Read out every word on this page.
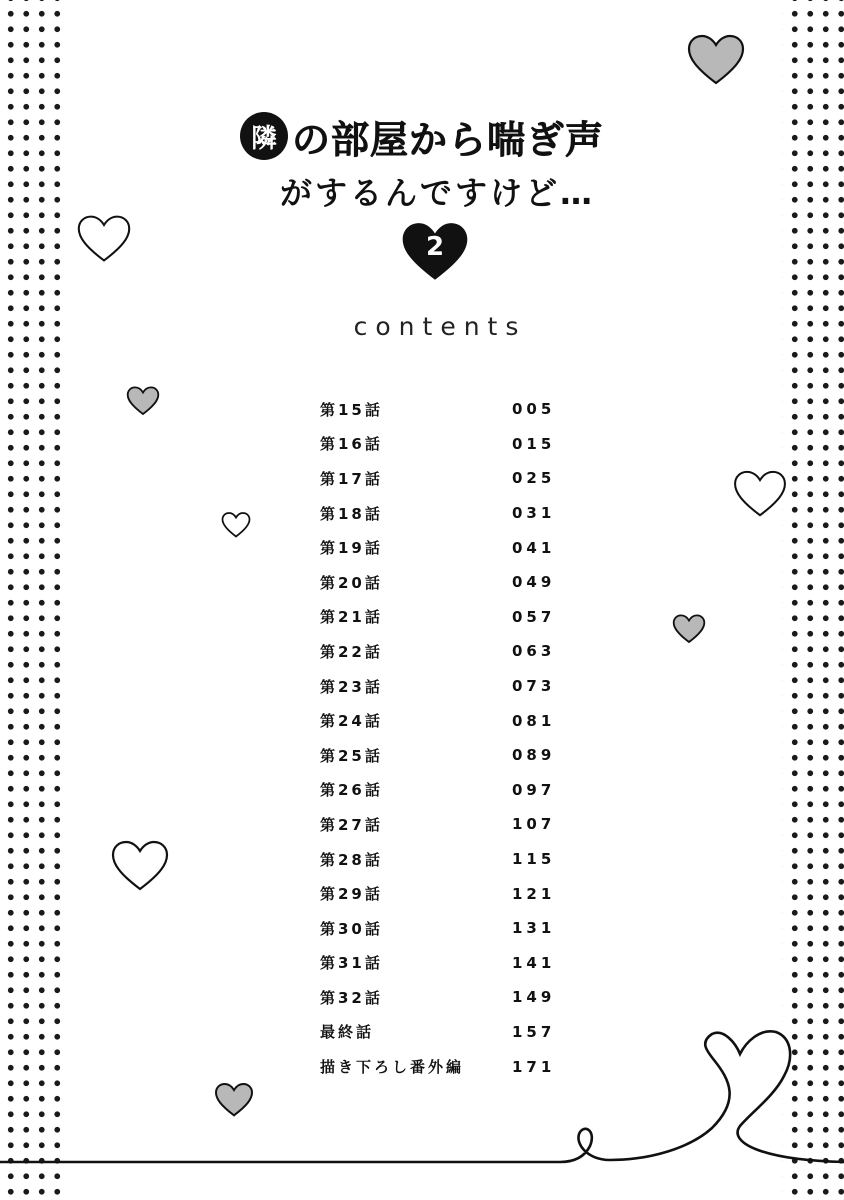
隣 の部屋から喘ぎ声
がするんですけど…
2
contents
第15話	005
第16話	015
第17話	025
第18話	031
第19話	041
第20話	049
第21話	057
第22話	063
第23話	073
第24話	081
第25話	089
第26話	097
第27話	107
第28話	115
第29話	121
第30話	131
第31話	141
第32話	149
最終話	157
描き下ろし番外編	171
